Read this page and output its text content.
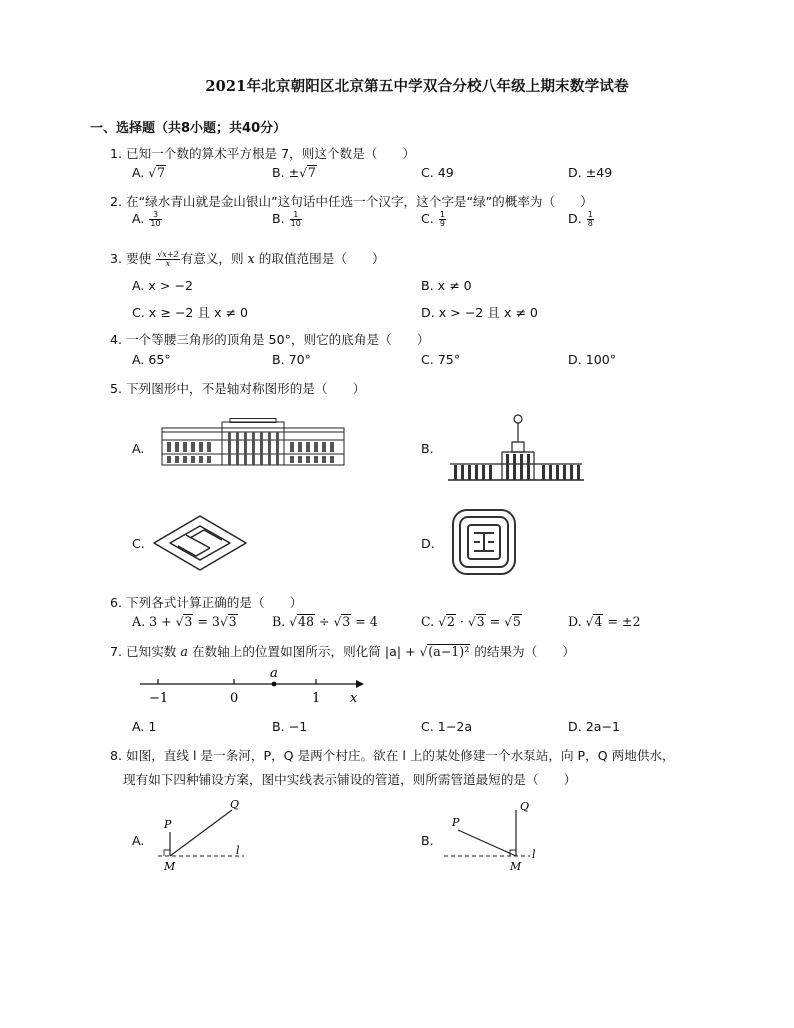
2021年北京朝阳区北京第五中学双合分校八年级上期末数学试卷
一、选择题（共8小题；共40分）
1. 已知一个数的算术平方根是 7，则这个数是（　　）
A. √7	B. ±√7	C. 49	D. ±49
2. 在“绿水青山就是金山银山”这句话中任选一个汉字，这个字是“绿”的概率为（　　）
A. $\frac{3}{10}$	B. $\frac{1}{10}$	C. $\frac{1}{9}$	D. $\frac{1}{8}$
3. 要使 $\frac{√x+2}{x}$ 有意义，则 x 的取值范围是（　　）
A. x > −2	B. x ≠ 0
C. x ≥ −2 且 x ≠ 0	D. x > −2 且 x ≠ 0
4. 一个等腰三角形的顶角是 50°，则它的底角是（　　）
A. 65°	B. 70°	C. 75°	D. 100°
5. 下列图形中，不是轴对称图形的是（　　）
A.	B.
C.	D.
6. 下列各式计算正确的是（　　）
A. 3 + √3 = 3√3	B. √48 ÷ √3 = 4	C. √2 · √3 = √5	D. √4 = ±2
7. 已知实数 a 在数轴上的位置如图所示，则化简 |a| + √(a−1)² 的结果为（　　）
a
−1	0	1 x
A. 1	B. −1	C. 1−2a	D. 2a−1
8. 如图，直线 l 是一条河，P，Q 是两个村庄。欲在 l 上的某处修建一个水泵站，向 P，Q 两地供水，
现有如下四种铺设方案，图中实线表示铺设的管道，则所需管道最短的是（　　）
A.	B.
P
Q
M
l
P
Q
M
l
